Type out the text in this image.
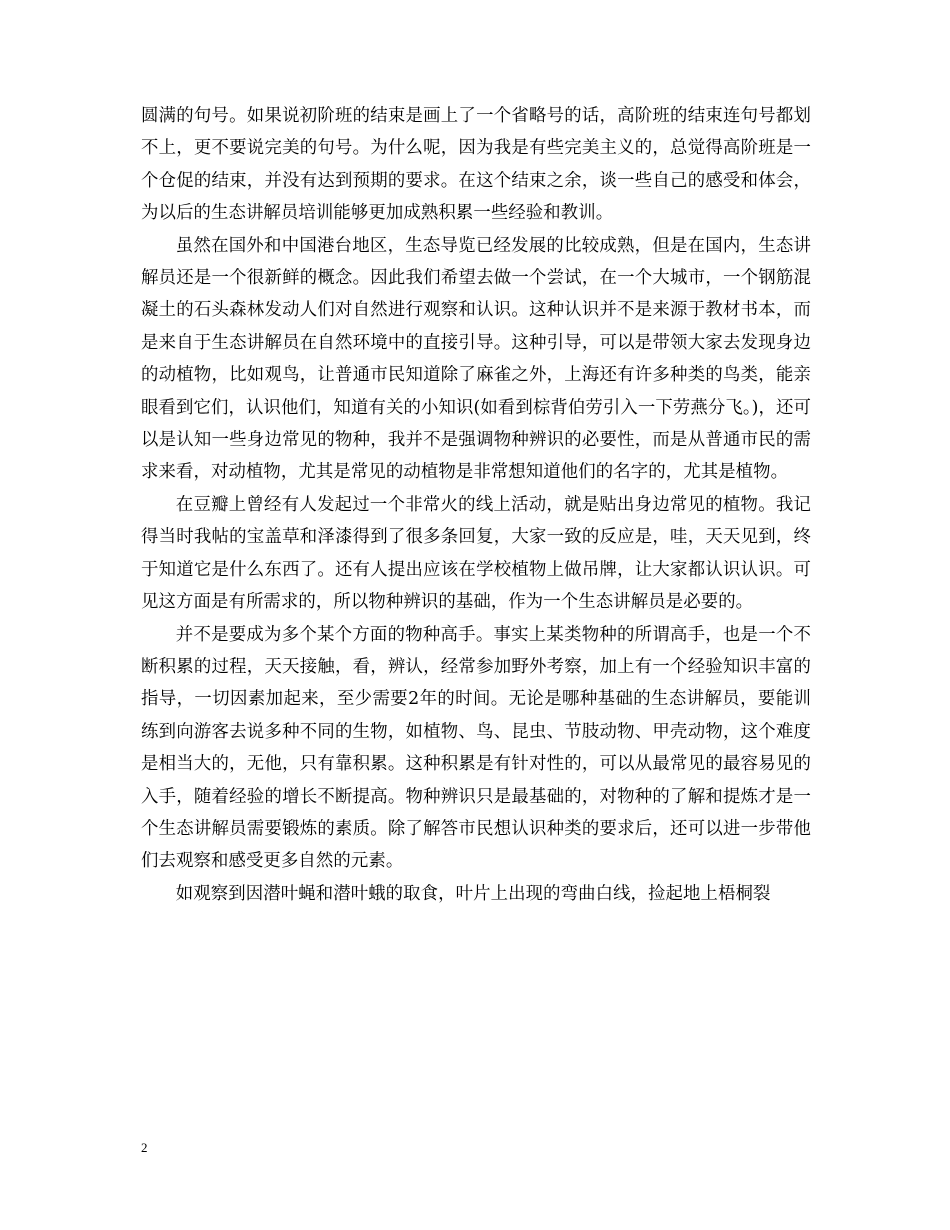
圆满的句号。如果说初阶班的结束是画上了一个省略号的话，高阶班的结束连句号都划不上，更不要说完美的句号。为什么呢，因为我是有些完美主义的，总觉得高阶班是一个仓促的结束，并没有达到预期的要求。在这个结束之余，谈一些自己的感受和体会，为以后的生态讲解员培训能够更加成熟积累一些经验和教训。

虽然在国外和中国港台地区，生态导览已经发展的比较成熟，但是在国内，生态讲解员还是一个很新鲜的概念。因此我们希望去做一个尝试，在一个大城市，一个钢筋混凝土的石头森林发动人们对自然进行观察和认识。这种认识并不是来源于教材书本，而是来自于生态讲解员在自然环境中的直接引导。这种引导，可以是带领大家去发现身边的动植物，比如观鸟，让普通市民知道除了麻雀之外，上海还有许多种类的鸟类，能亲眼看到它们，认识他们，知道有关的小知识(如看到棕背伯劳引入一下劳燕分飞。)，还可以是认知一些身边常见的物种，我并不是强调物种辨识的必要性，而是从普通市民的需求来看，对动植物，尤其是常见的动植物是非常想知道他们的名字的，尤其是植物。

在豆瓣上曾经有人发起过一个非常火的线上活动，就是贴出身边常见的植物。我记得当时我帖的宝盖草和泽漆得到了很多条回复，大家一致的反应是，哇，天天见到，终于知道它是什么东西了。还有人提出应该在学校植物上做吊牌，让大家都认识认识。可见这方面是有所需求的，所以物种辨识的基础，作为一个生态讲解员是必要的。

并不是要成为多个某个方面的物种高手。事实上某类物种的所谓高手，也是一个不断积累的过程，天天接触，看，辨认，经常参加野外考察，加上有一个经验知识丰富的指导，一切因素加起来，至少需要2年的时间。无论是哪种基础的生态讲解员，要能训练到向游客去说多种不同的生物，如植物、鸟、昆虫、节肢动物、甲壳动物，这个难度是相当大的，无他，只有靠积累。这种积累是有针对性的，可以从最常见的最容易见的入手，随着经验的增长不断提高。物种辨识只是最基础的，对物种的了解和提炼才是一个生态讲解员需要锻炼的素质。除了解答市民想认识种类的要求后，还可以进一步带他们去观察和感受更多自然的元素。

如观察到因潜叶蝇和潜叶蛾的取食，叶片上出现的弯曲白线，捡起地上梧桐裂

2
